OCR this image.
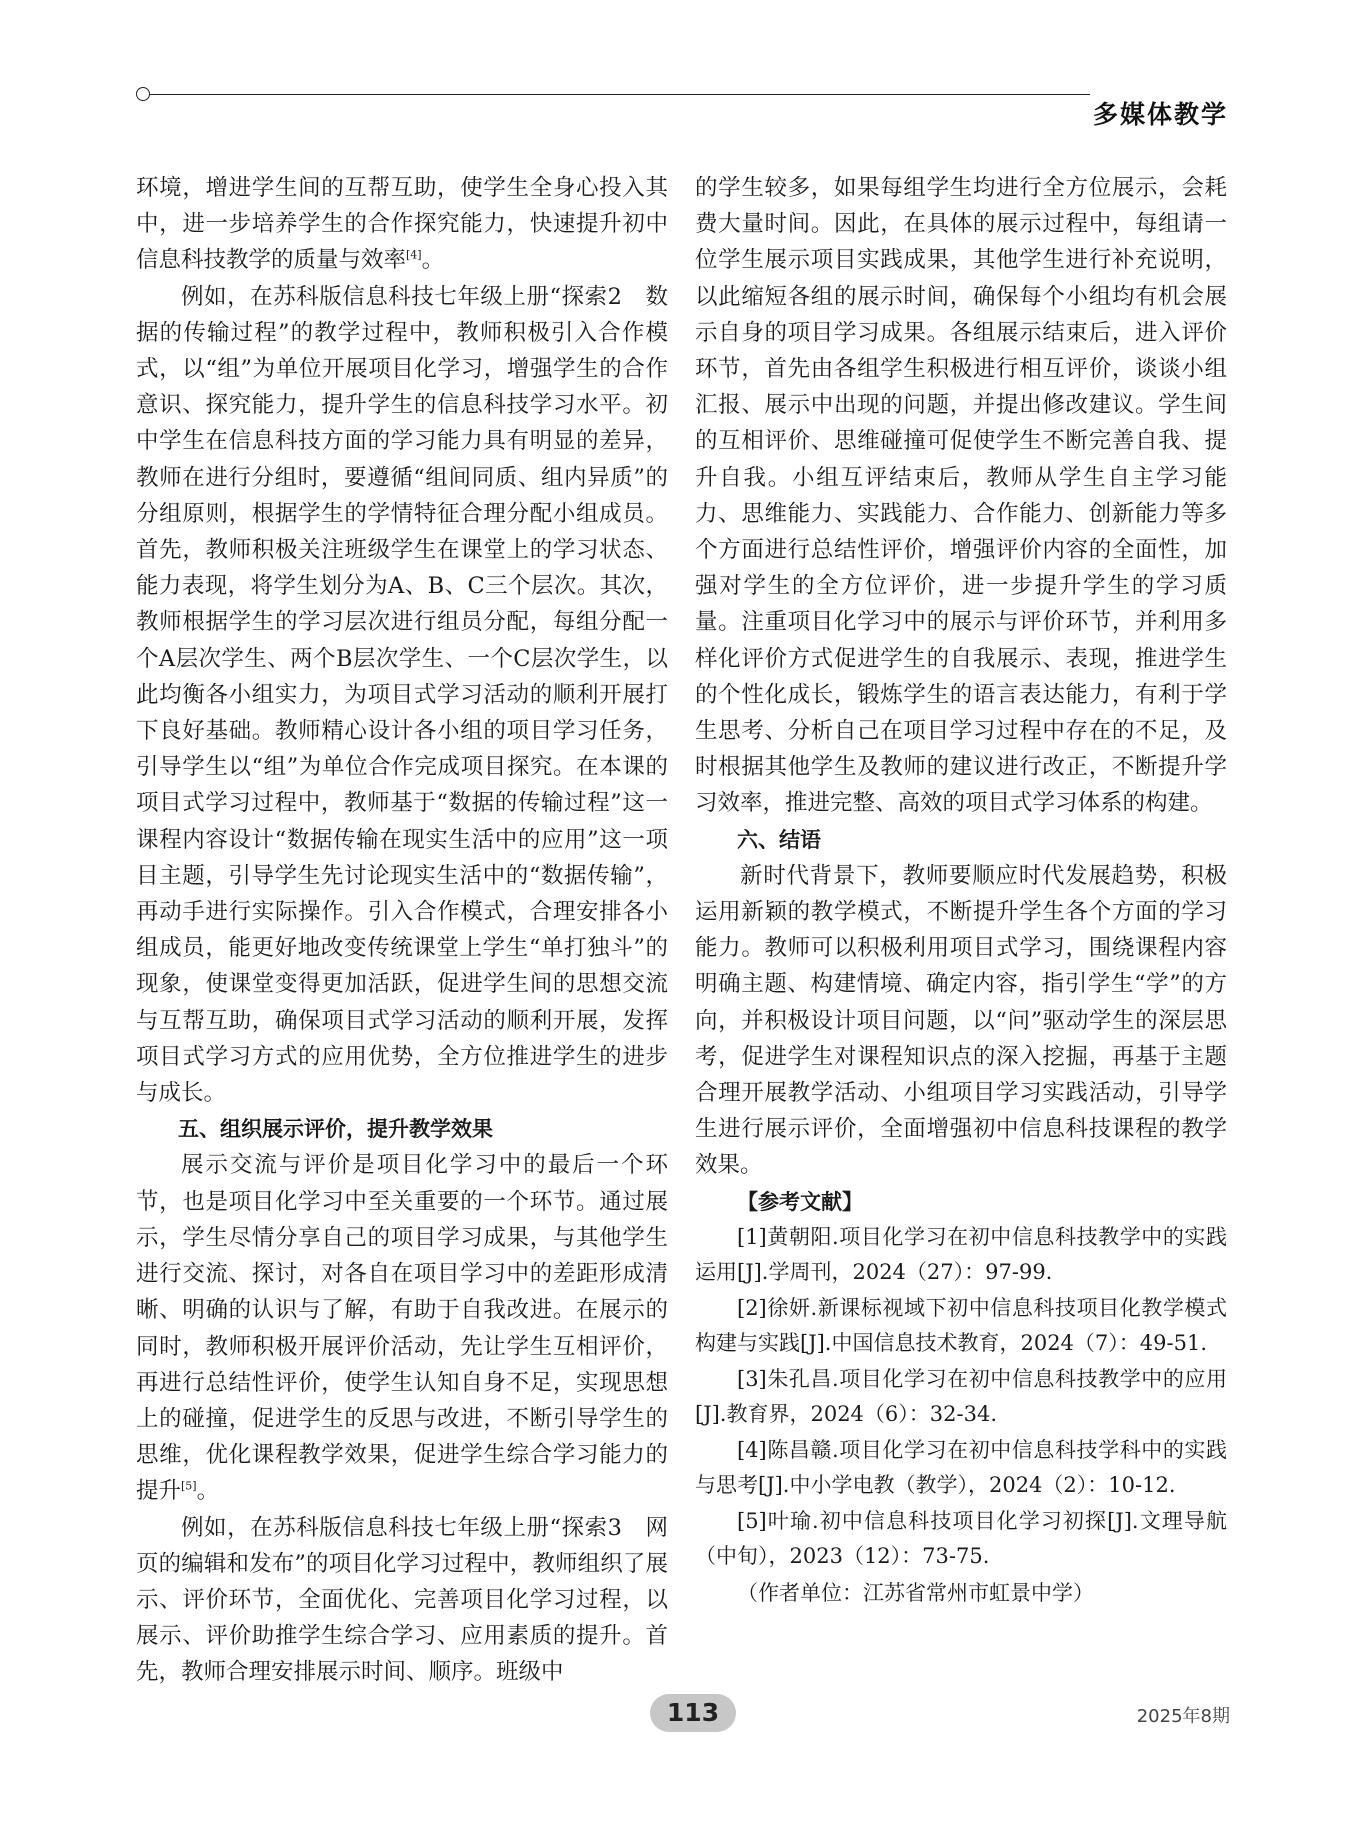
多媒体教学

环境，增进学生间的互帮互助，使学生全身心投入其中，进一步培养学生的合作探究能力，快速提升初中信息科技教学的质量与效率[4]。

例如，在苏科版信息科技七年级上册“探索2　数据的传输过程”的教学过程中，教师积极引入合作模式，以“组”为单位开展项目化学习，增强学生的合作意识、探究能力，提升学生的信息科技学习水平。初中学生在信息科技方面的学习能力具有明显的差异，教师在进行分组时，要遵循“组间同质、组内异质”的分组原则，根据学生的学情特征合理分配小组成员。首先，教师积极关注班级学生在课堂上的学习状态、能力表现，将学生划分为A、B、C三个层次。其次，教师根据学生的学习层次进行组员分配，每组分配一个A层次学生、两个B层次学生、一个C层次学生，以此均衡各小组实力，为项目式学习活动的顺利开展打下良好基础。教师精心设计各小组的项目学习任务，引导学生以“组”为单位合作完成项目探究。在本课的项目式学习过程中，教师基于“数据的传输过程”这一课程内容设计“数据传输在现实生活中的应用”这一项目主题，引导学生先讨论现实生活中的“数据传输”，再动手进行实际操作。引入合作模式，合理安排各小组成员，能更好地改变传统课堂上学生“单打独斗”的现象，使课堂变得更加活跃，促进学生间的思想交流与互帮互助，确保项目式学习活动的顺利开展，发挥项目式学习方式的应用优势，全方位推进学生的进步与成长。

五、组织展示评价，提升教学效果

展示交流与评价是项目化学习中的最后一个环节，也是项目化学习中至关重要的一个环节。通过展示，学生尽情分享自己的项目学习成果，与其他学生进行交流、探讨，对各自在项目学习中的差距形成清晰、明确的认识与了解，有助于自我改进。在展示的同时，教师积极开展评价活动，先让学生互相评价，再进行总结性评价，使学生认知自身不足，实现思想上的碰撞，促进学生的反思与改进，不断引导学生的思维，优化课程教学效果，促进学生综合学习能力的提升[5]。

例如，在苏科版信息科技七年级上册“探索3　网页的编辑和发布”的项目化学习过程中，教师组织了展示、评价环节，全面优化、完善项目化学习过程，以展示、评价助推学生综合学习、应用素质的提升。首先，教师合理安排展示时间、顺序。班级中

的学生较多，如果每组学生均进行全方位展示，会耗费大量时间。因此，在具体的展示过程中，每组请一位学生展示项目实践成果，其他学生进行补充说明，以此缩短各组的展示时间，确保每个小组均有机会展示自身的项目学习成果。各组展示结束后，进入评价环节，首先由各组学生积极进行相互评价，谈谈小组汇报、展示中出现的问题，并提出修改建议。学生间的互相评价、思维碰撞可促使学生不断完善自我、提升自我。小组互评结束后，教师从学生自主学习能力、思维能力、实践能力、合作能力、创新能力等多个方面进行总结性评价，增强评价内容的全面性，加强对学生的全方位评价，进一步提升学生的学习质量。注重项目化学习中的展示与评价环节，并利用多样化评价方式促进学生的自我展示、表现，推进学生的个性化成长，锻炼学生的语言表达能力，有利于学生思考、分析自己在项目学习过程中存在的不足，及时根据其他学生及教师的建议进行改正，不断提升学习效率，推进完整、高效的项目式学习体系的构建。

六、结语

新时代背景下，教师要顺应时代发展趋势，积极运用新颖的教学模式，不断提升学生各个方面的学习能力。教师可以积极利用项目式学习，围绕课程内容明确主题、构建情境、确定内容，指引学生“学”的方向，并积极设计项目问题，以“问”驱动学生的深层思考，促进学生对课程知识点的深入挖掘，再基于主题合理开展教学活动、小组项目学习实践活动，引导学生进行展示评价，全面增强初中信息科技课程的教学效果。

【参考文献】

[1]黄朝阳.项目化学习在初中信息科技教学中的实践运用[J].学周刊，2024（27）：97-99.

[2]徐妍.新课标视域下初中信息科技项目化教学模式构建与实践[J].中国信息技术教育，2024（7）：49-51.

[3]朱孔昌.项目化学习在初中信息科技教学中的应用[J].教育界，2024（6）：32-34.

[4]陈昌赣.项目化学习在初中信息科技学科中的实践与思考[J].中小学电教（教学），2024（2）：10-12.

[5]叶瑜.初中信息科技项目化学习初探[J].文理导航（中旬），2023（12）：73-75.

（作者单位：江苏省常州市虹景中学）

113	2025年8期
